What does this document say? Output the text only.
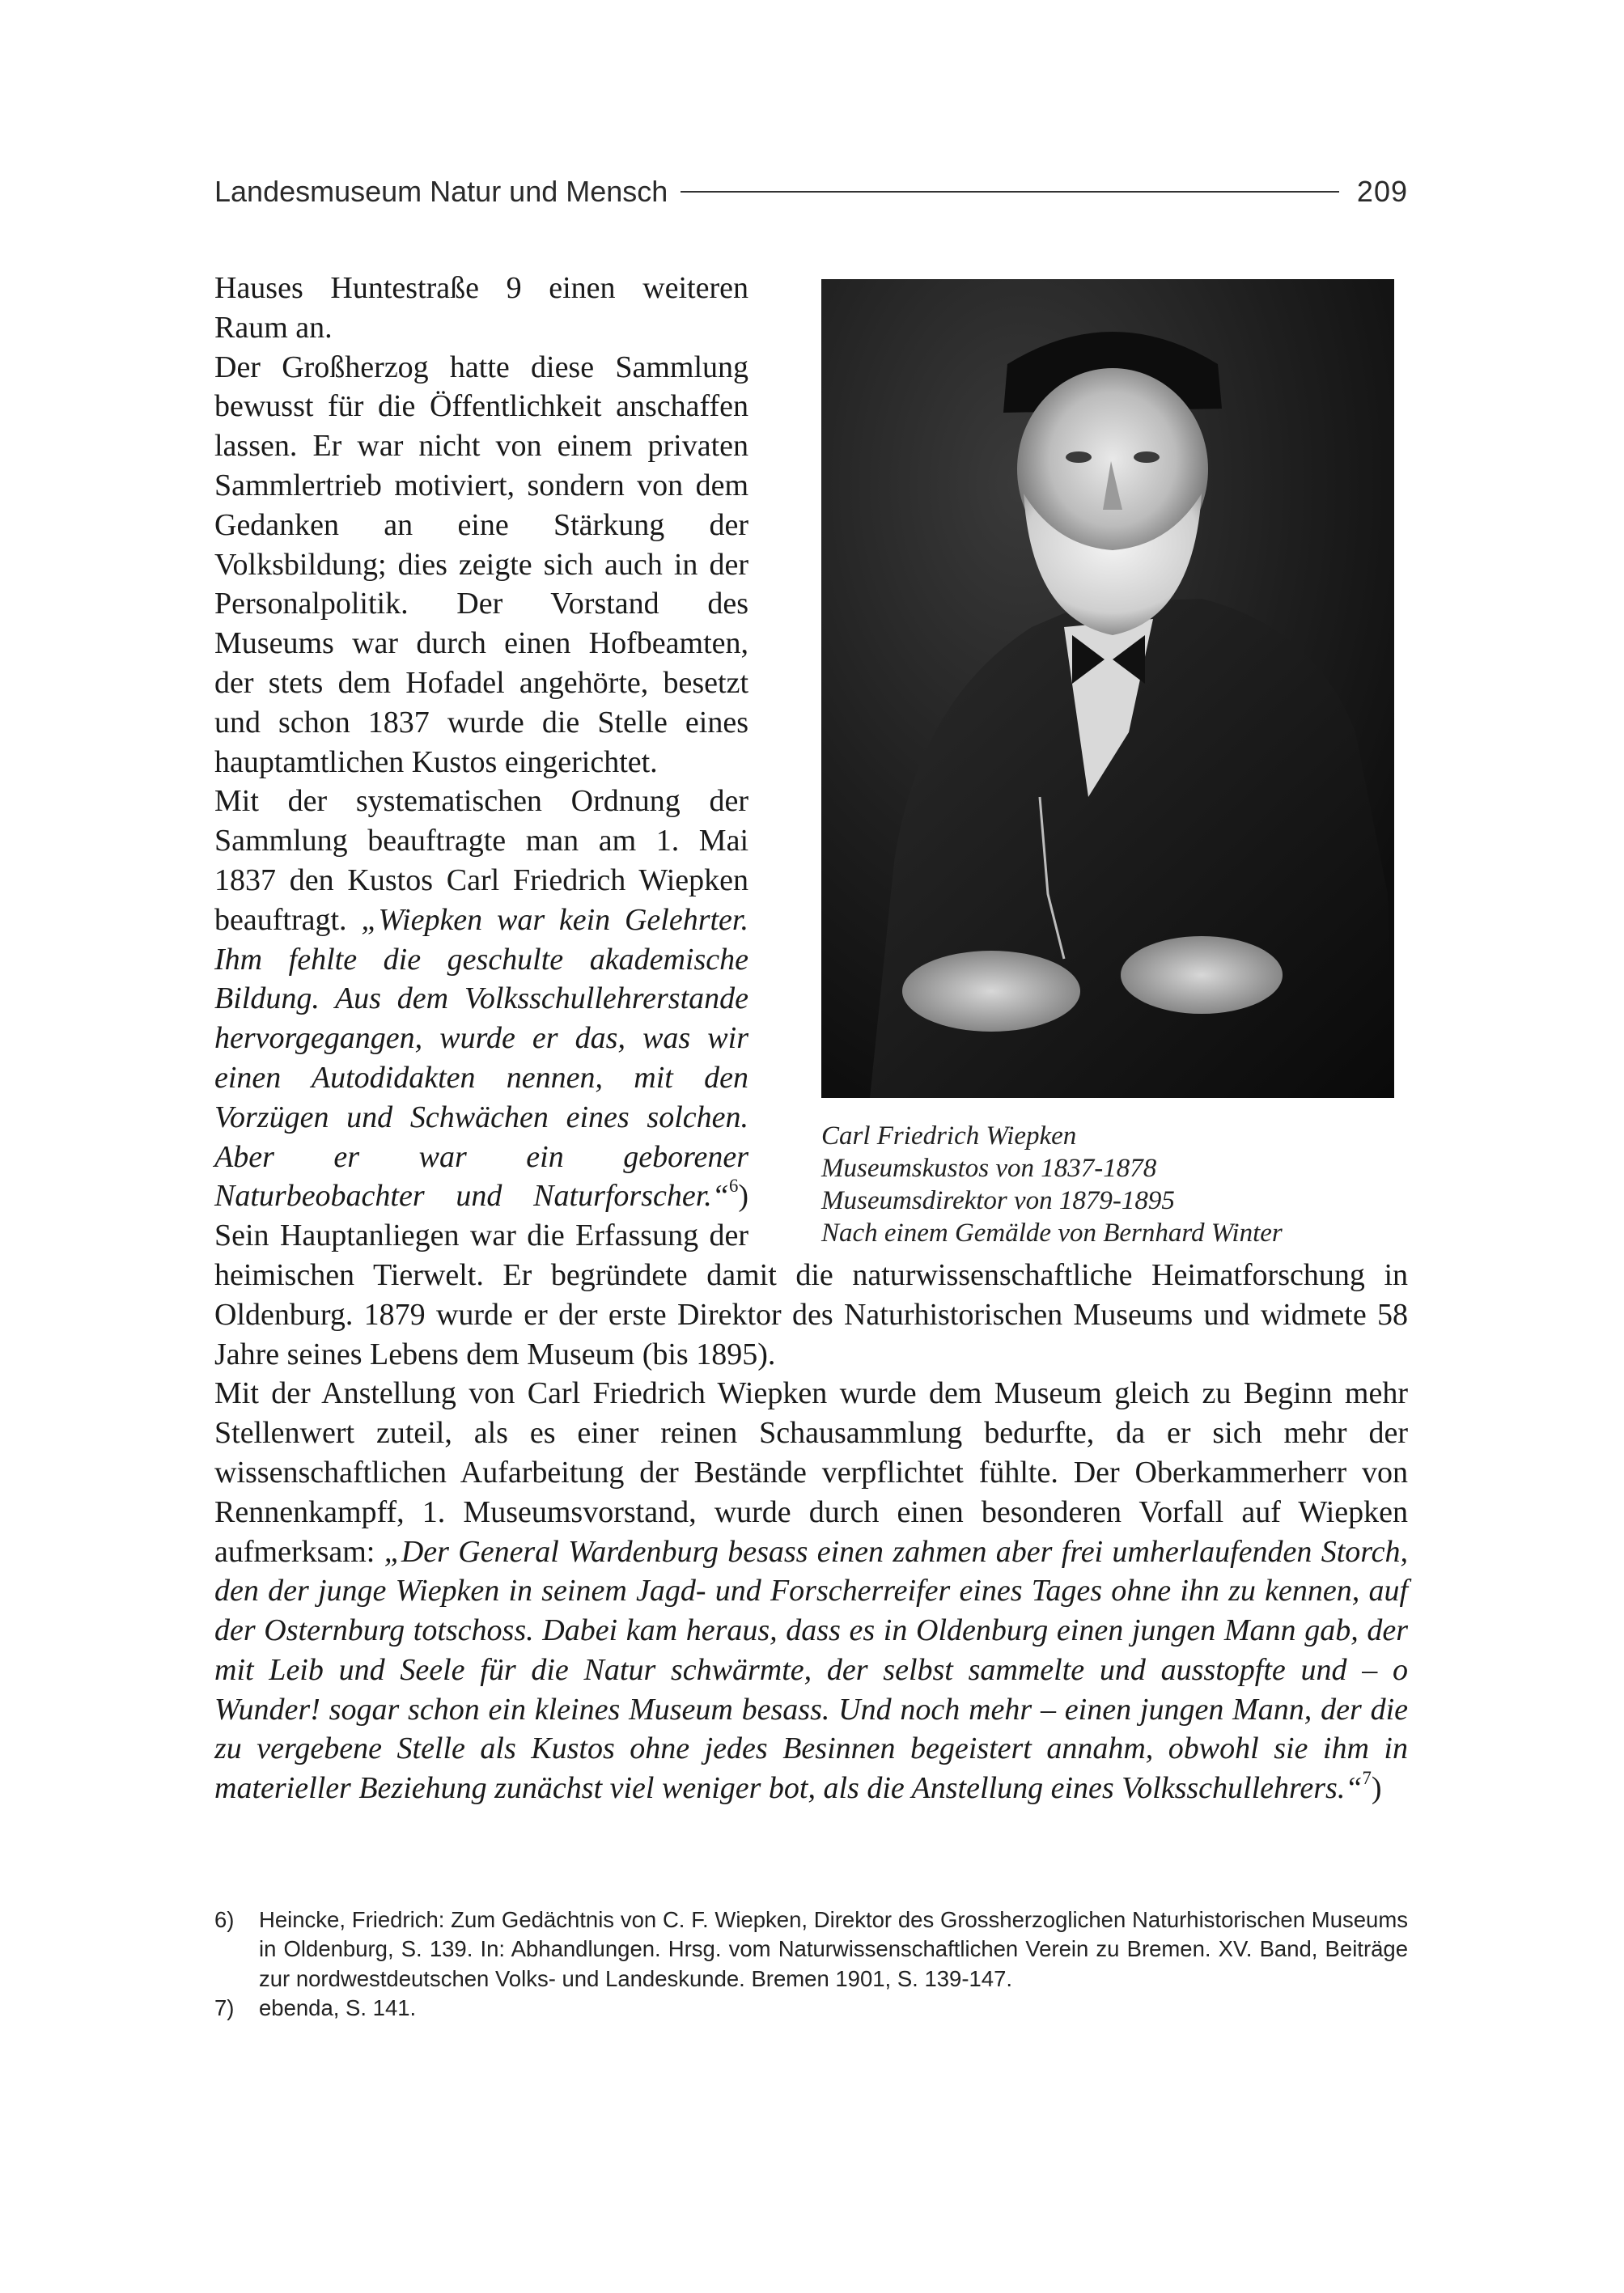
Landesmuseum Natur und Mensch	209
Carl Friedrich Wiepken
Museumskustos von 1837-1878
Museumsdirektor von 1879-1895
Nach einem Gemälde von Bernhard Winter

Hauses Huntestraße 9 einen weiteren Raum an.

Der Großherzog hatte diese Sammlung bewusst für die Öffentlichkeit anschaffen lassen. Er war nicht von einem privaten Sammlertrieb motiviert, sondern von dem Gedanken an eine Stärkung der Volksbildung; dies zeigte sich auch in der Personalpolitik. Der Vorstand des Museums war durch einen Hofbeamten, der stets dem Hofadel angehörte, besetzt und schon 1837 wurde die Stelle eines hauptamtlichen Kustos eingerichtet.

Mit der systematischen Ordnung der Sammlung beauftragte man am 1. Mai 1837 den Kustos Carl Friedrich Wiepken beauftragt. „Wiepken war kein Gelehrter. Ihm fehlte die geschulte akademische Bildung. Aus dem Volksschullehrerstande hervorgegangen, wurde er das, was wir einen Autodidakten nennen, mit den Vorzügen und Schwächen eines solchen. Aber er war ein geborener Naturbeobachter und Naturforscher.“$^6$) Sein Hauptanliegen war die Erfassung der heimischen Tierwelt. Er begründete damit die naturwissenschaftliche Heimatforschung in Oldenburg. 1879 wurde er der erste Direktor des Naturhistorischen Museums und widmete 58 Jahre seines Lebens dem Museum (bis 1895).

Mit der Anstellung von Carl Friedrich Wiepken wurde dem Museum gleich zu Beginn mehr Stellenwert zuteil, als es einer reinen Schausammlung bedurfte, da er sich mehr der wissenschaftlichen Aufarbeitung der Bestände verpflichtet fühlte. Der Oberkammerherr von Rennenkampff, 1. Museumsvorstand, wurde durch einen besonderen Vorfall auf Wiepken aufmerksam: „Der General Wardenburg besass einen zahmen aber frei umherlaufenden Storch, den der junge Wiepken in seinem Jagd- und Forscherreifer eines Tages ohne ihn zu kennen, auf der Osternburg totschoss. Dabei kam heraus, dass es in Oldenburg einen jungen Mann gab, der mit Leib und Seele für die Natur schwärmte, der selbst sammelte und ausstopfte und – o Wunder! sogar schon ein kleines Museum besass. Und noch mehr – einen jungen Mann, der die zu vergebene Stelle als Kustos ohne jedes Besinnen begeistert annahm, obwohl sie ihm in materieller Beziehung zunächst viel weniger bot, als die Anstellung eines Volksschullehrers.“$^7$)

6)	Heincke, Friedrich: Zum Gedächtnis von C. F. Wiepken, Direktor des Grossherzoglichen Naturhistorischen Museums in Oldenburg, S. 139. In: Abhandlungen. Hrsg. vom Naturwissenschaftlichen Verein zu Bremen. XV. Band, Beiträge zur nordwestdeutschen Volks- und Landeskunde. Bremen 1901, S. 139-147.
7)	ebenda, S. 141.
